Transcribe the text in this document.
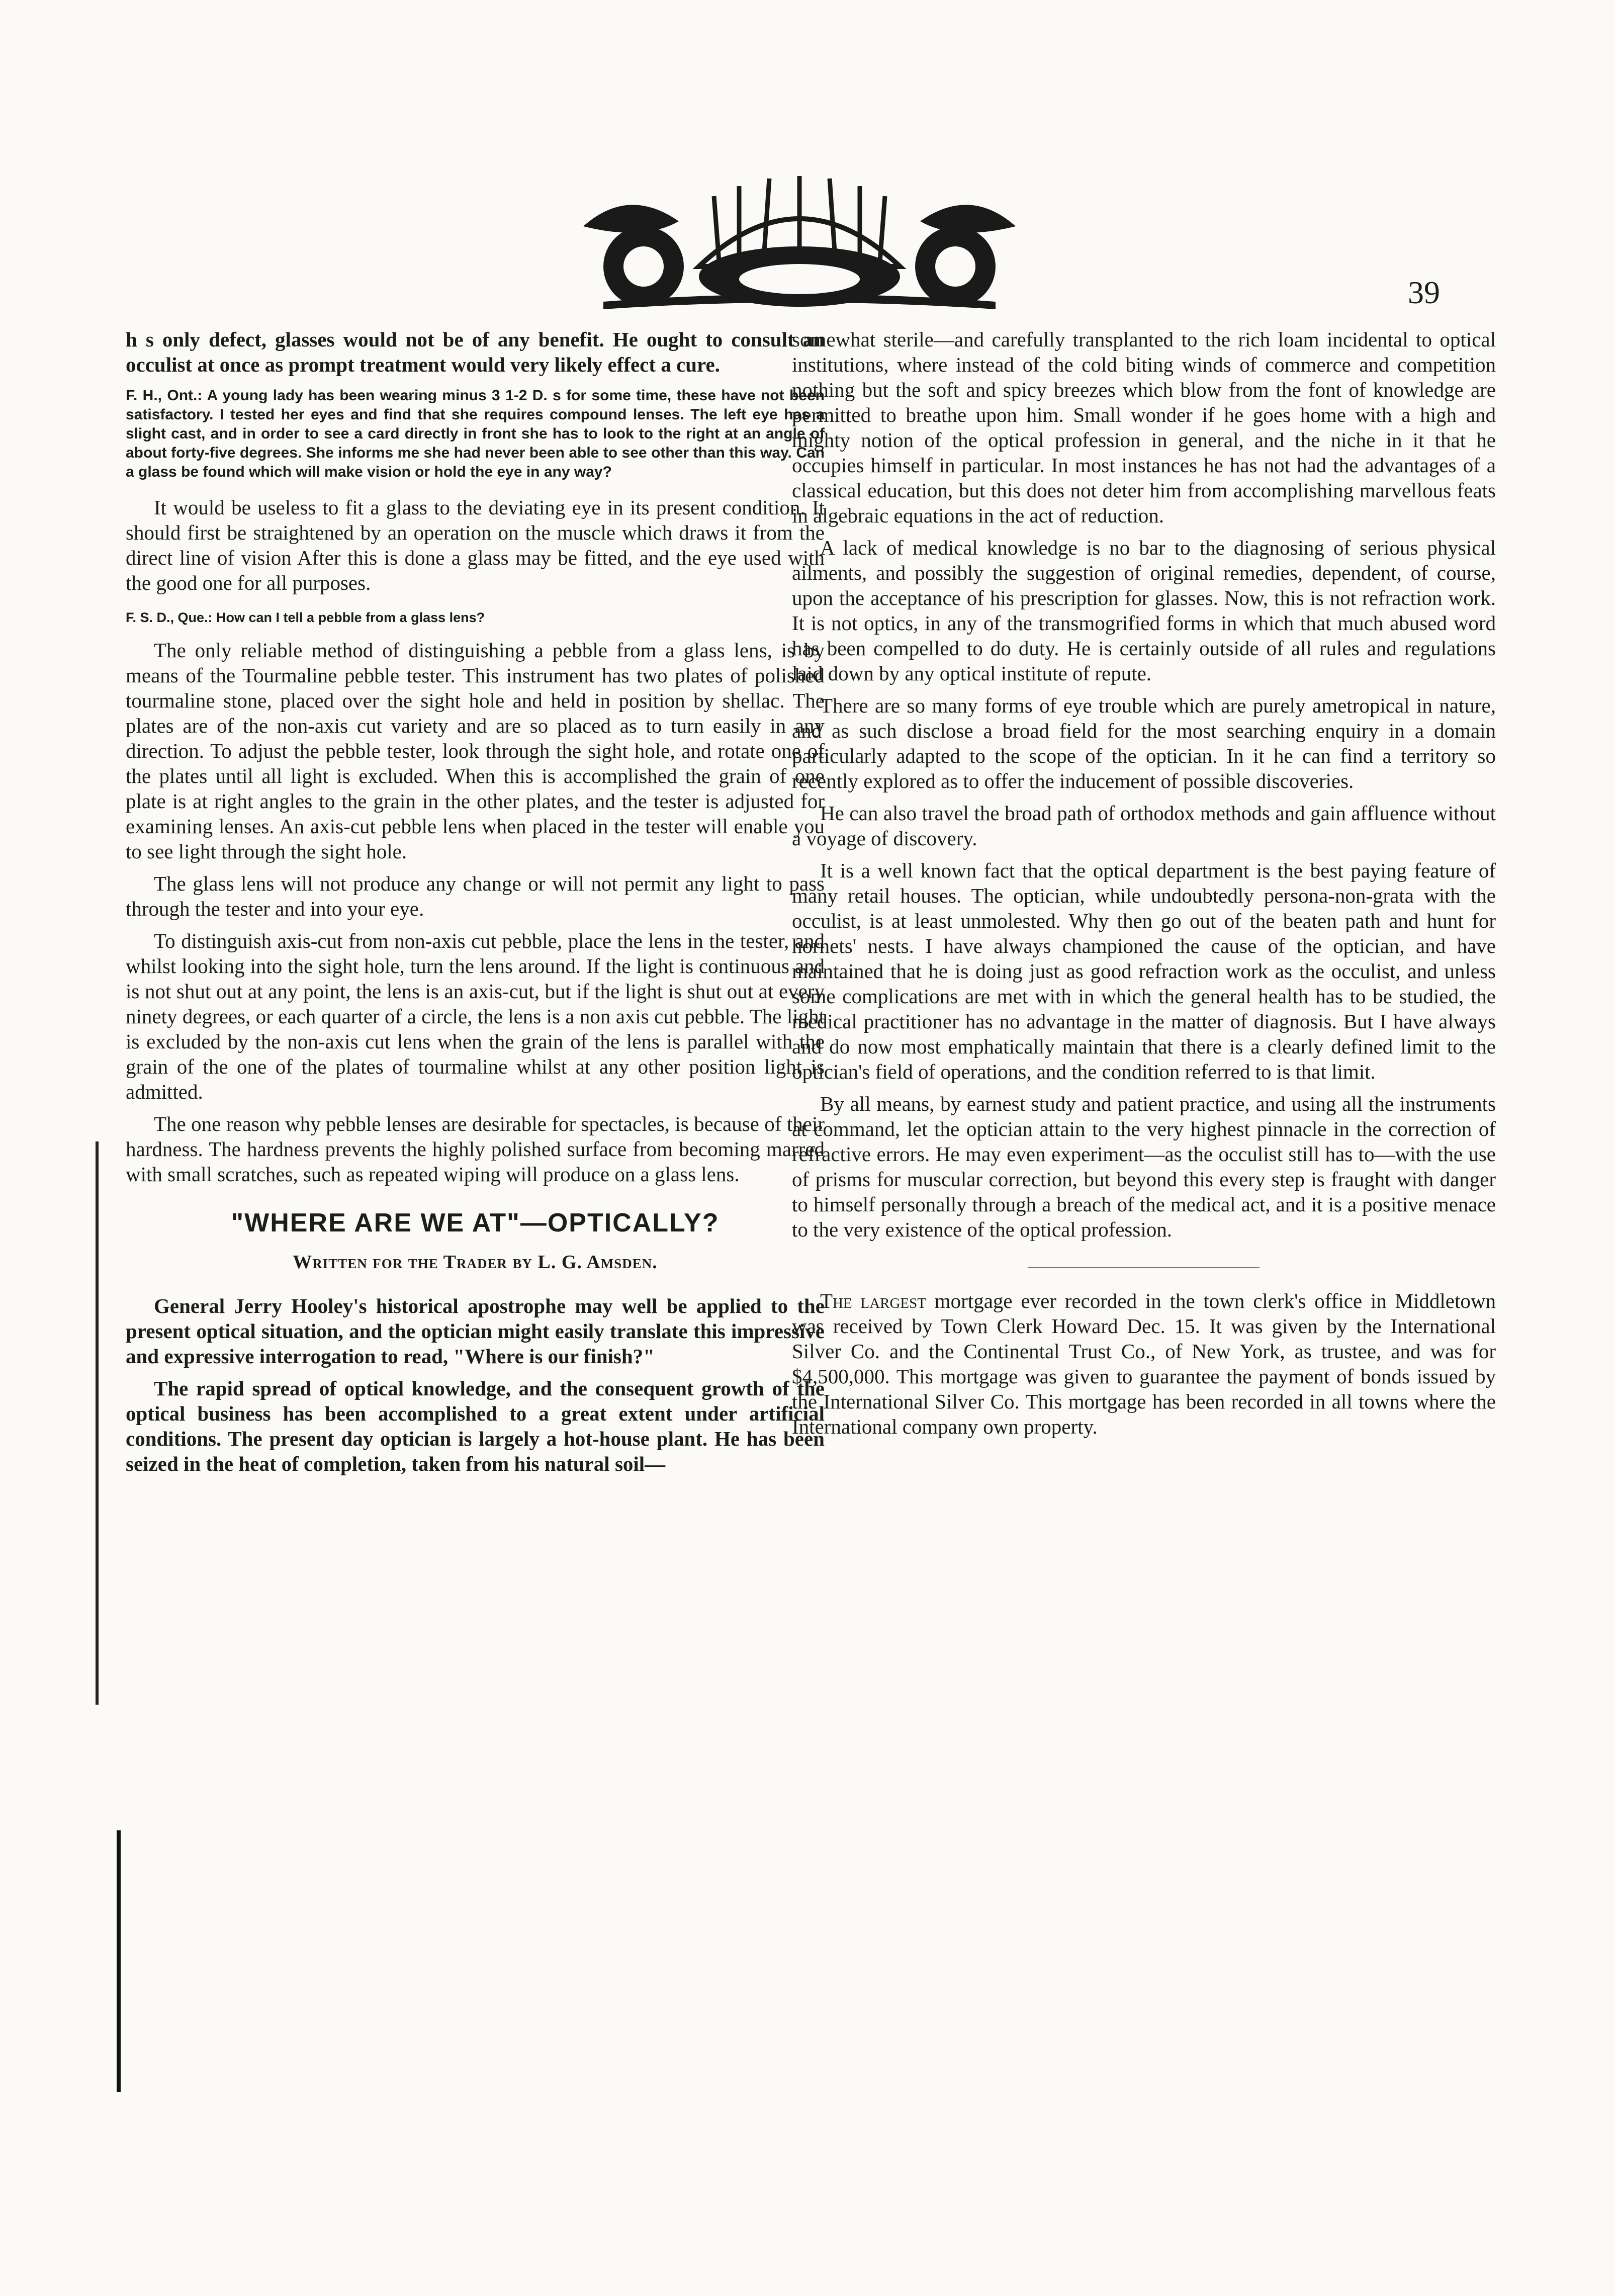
39

h s only defect, glasses would not be of any benefit. He ought to consult an occulist at once as prompt treatment would very likely effect a cure.

F. H., Ont.: A young lady has been wearing minus 3 1-2 D. s for some time, these have not been satisfactory. I tested her eyes and find that she requires compound lenses. The left eye has a slight cast, and in order to see a card directly in front she has to look to the right at an angle of about forty-five degrees. She informs me she had never been able to see other than this way. Can a glass be found which will make vision or hold the eye in any way?

It would be useless to fit a glass to the deviating eye in its present condition. It should first be straightened by an operation on the muscle which draws it from the direct line of vision After this is done a glass may be fitted, and the eye used with the good one for all purposes.

F. S. D., Que.: How can I tell a pebble from a glass lens?

The only reliable method of distinguishing a pebble from a glass lens, is by means of the Tourmaline pebble tester. This instrument has two plates of polished tourmaline stone, placed over the sight hole and held in position by shellac. The plates are of the non-axis cut variety and are so placed as to turn easily in any direction. To adjust the pebble tester, look through the sight hole, and rotate one of the plates until all light is excluded. When this is accomplished the grain of one plate is at right angles to the grain in the other plates, and the tester is adjusted for examining lenses. An axis-cut pebble lens when placed in the tester will enable you to see light through the sight hole.

The glass lens will not produce any change or will not permit any light to pass through the tester and into your eye.

To distinguish axis-cut from non-axis cut pebble, place the lens in the tester, and whilst looking into the sight hole, turn the lens around. If the light is continuous and is not shut out at any point, the lens is an axis-cut, but if the light is shut out at every ninety degrees, or each quarter of a circle, the lens is a non axis cut pebble. The light is excluded by the non-axis cut lens when the grain of the lens is parallel with the grain of the one of the plates of tourmaline whilst at any other position light is admitted.

The one reason why pebble lenses are desirable for spectacles, is because of their hardness. The hardness prevents the highly polished surface from becoming marred with small scratches, such as repeated wiping will produce on a glass lens.

"WHERE ARE WE AT"—OPTICALLY?
Written for the Trader by L. G. Amsden.

General Jerry Hooley's historical apostrophe may well be applied to the present optical situation, and the optician might easily translate this impressive and expressive interrogation to read, "Where is our finish?"

The rapid spread of optical knowledge, and the consequent growth of the optical business has been accomplished to a great extent under artificial conditions. The present day optician is largely a hot-house plant. He has been seized in the heat of completion, taken from his natural soil—

somewhat sterile—and carefully transplanted to the rich loam incidental to optical institutions, where instead of the cold biting winds of commerce and competition nothing but the soft and spicy breezes which blow from the font of knowledge are permitted to breathe upon him. Small wonder if he goes home with a high and mighty notion of the optical profession in general, and the niche in it that he occupies himself in particular. In most instances he has not had the advantages of a classical education, but this does not deter him from accomplishing marvellous feats in algebraic equations in the act of reduction.

A lack of medical knowledge is no bar to the diagnosing of serious physical ailments, and possibly the suggestion of original remedies, dependent, of course, upon the acceptance of his prescription for glasses. Now, this is not refraction work. It is not optics, in any of the transmogrified forms in which that much abused word has been compelled to do duty. He is certainly outside of all rules and regulations laid down by any optical institute of repute.

There are so many forms of eye trouble which are purely ametropical in nature, and as such disclose a broad field for the most searching enquiry in a domain particularly adapted to the scope of the optician. In it he can find a territory so recently explored as to offer the inducement of possible discoveries.

He can also travel the broad path of orthodox methods and gain affluence without a voyage of discovery.

It is a well known fact that the optical department is the best paying feature of many retail houses. The optician, while undoubtedly persona-non-grata with the occulist, is at least unmolested. Why then go out of the beaten path and hunt for hornets' nests. I have always championed the cause of the optician, and have maintained that he is doing just as good refraction work as the occulist, and unless some complications are met with in which the general health has to be studied, the medical practitioner has no advantage in the matter of diagnosis. But I have always and do now most emphatically maintain that there is a clearly defined limit to the optician's field of operations, and the condition referred to is that limit.

By all means, by earnest study and patient practice, and using all the instruments at command, let the optician attain to the very highest pinnacle in the correction of refractive errors. He may even experiment—as the occulist still has to—with the use of prisms for muscular correction, but beyond this every step is fraught with danger to himself personally through a breach of the medical act, and it is a positive menace to the very existence of the optical profession.

The largest mortgage ever recorded in the town clerk's office in Middletown was received by Town Clerk Howard Dec. 15. It was given by the International Silver Co. and the Continental Trust Co., of New York, as trustee, and was for $4,500,000. This mortgage was given to guarantee the payment of bonds issued by the International Silver Co. This mortgage has been recorded in all towns where the International company own property.
